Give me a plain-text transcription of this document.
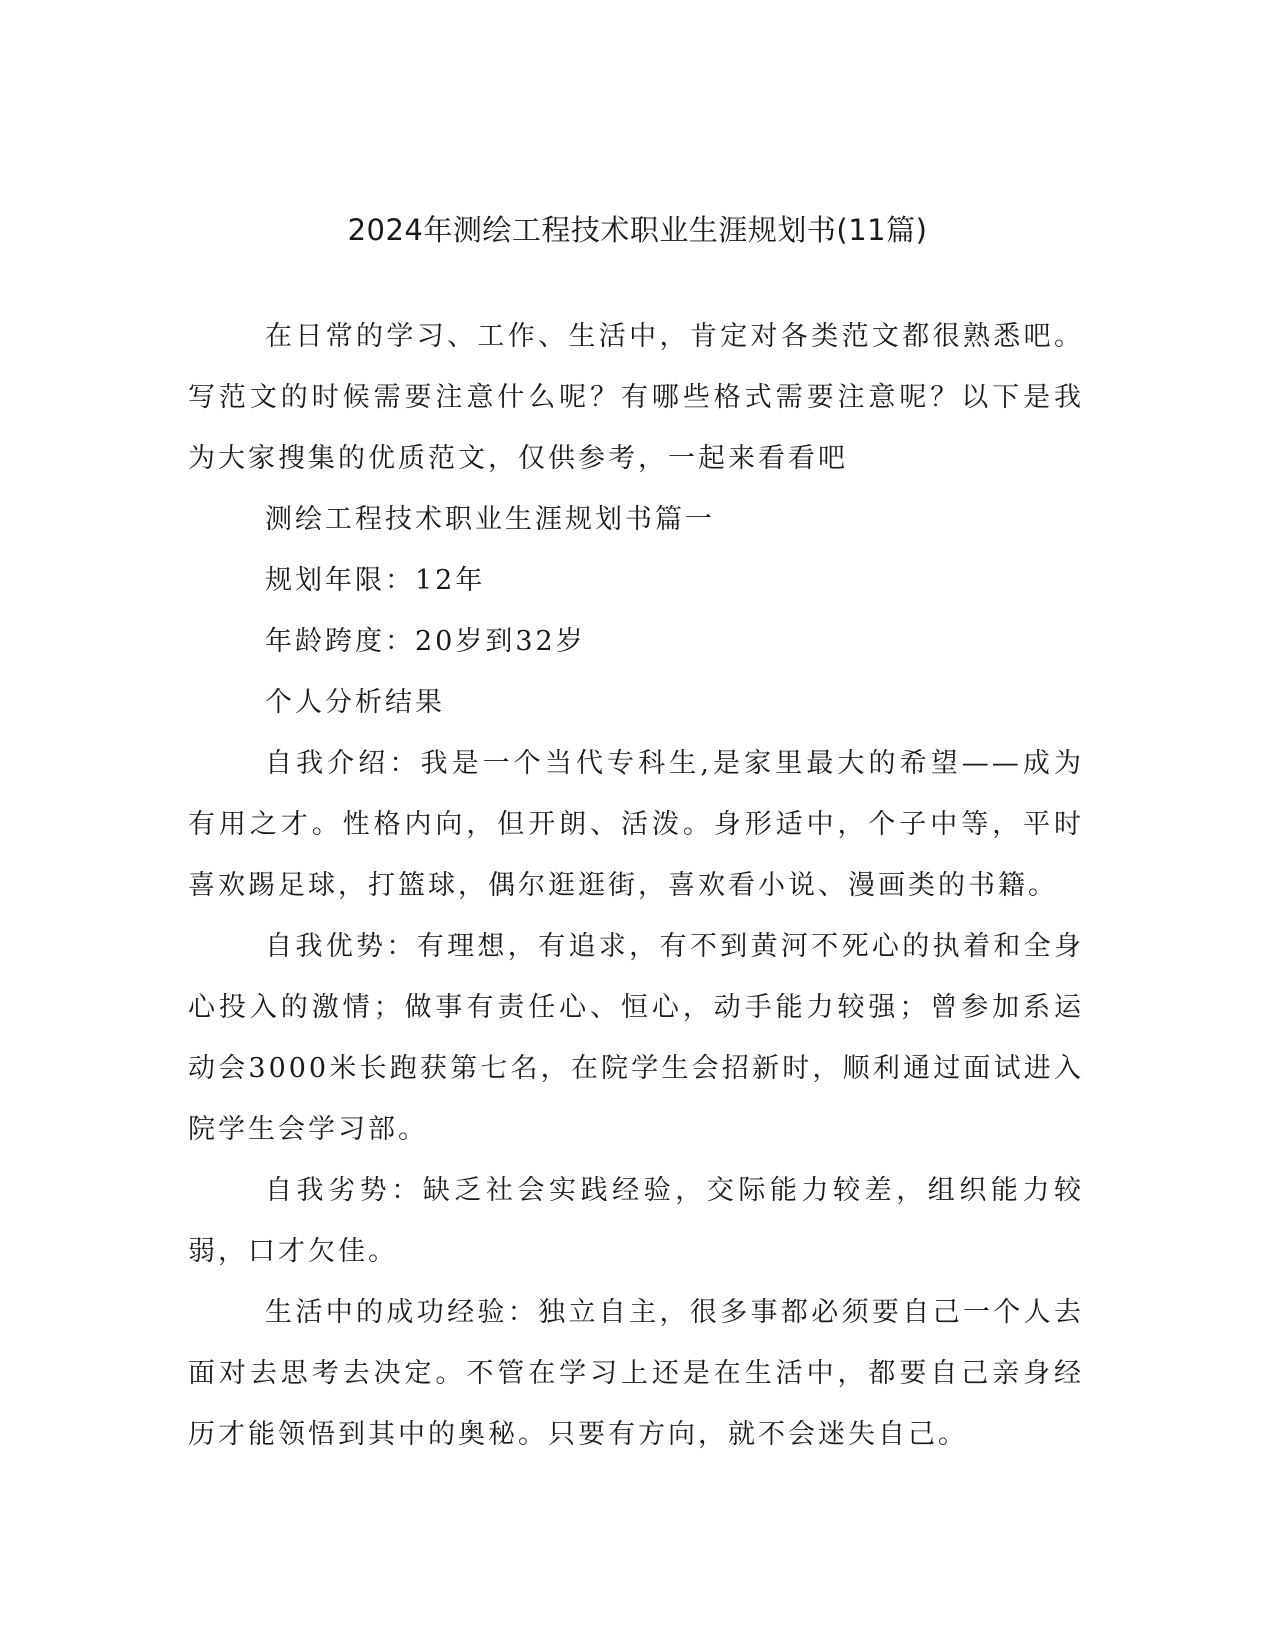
2024年测绘工程技术职业生涯规划书(11篇)

在日常的学习、工作、生活中，肯定对各类范文都很熟悉吧。写范文的时候需要注意什么呢？有哪些格式需要注意呢？以下是我为大家搜集的优质范文，仅供参考，一起来看看吧

测绘工程技术职业生涯规划书篇一

规划年限：12年

年龄跨度：20岁到32岁

个人分析结果

自我介绍：我是一个当代专科生,是家里最大的希望——成为有用之才。性格内向，但开朗、活泼。身形适中，个子中等，平时喜欢踢足球，打篮球，偶尔逛逛街，喜欢看小说、漫画类的书籍。

自我优势：有理想，有追求，有不到黄河不死心的执着和全身心投入的激情；做事有责任心、恒心，动手能力较强；曾参加系运动会3000米长跑获第七名，在院学生会招新时，顺利通过面试进入院学生会学习部。

自我劣势：缺乏社会实践经验，交际能力较差，组织能力较弱，口才欠佳。

生活中的成功经验：独立自主，很多事都必须要自己一个人去面对去思考去决定。不管在学习上还是在生活中，都要自己亲身经历才能领悟到其中的奥秘。只要有方向，就不会迷失自己。
